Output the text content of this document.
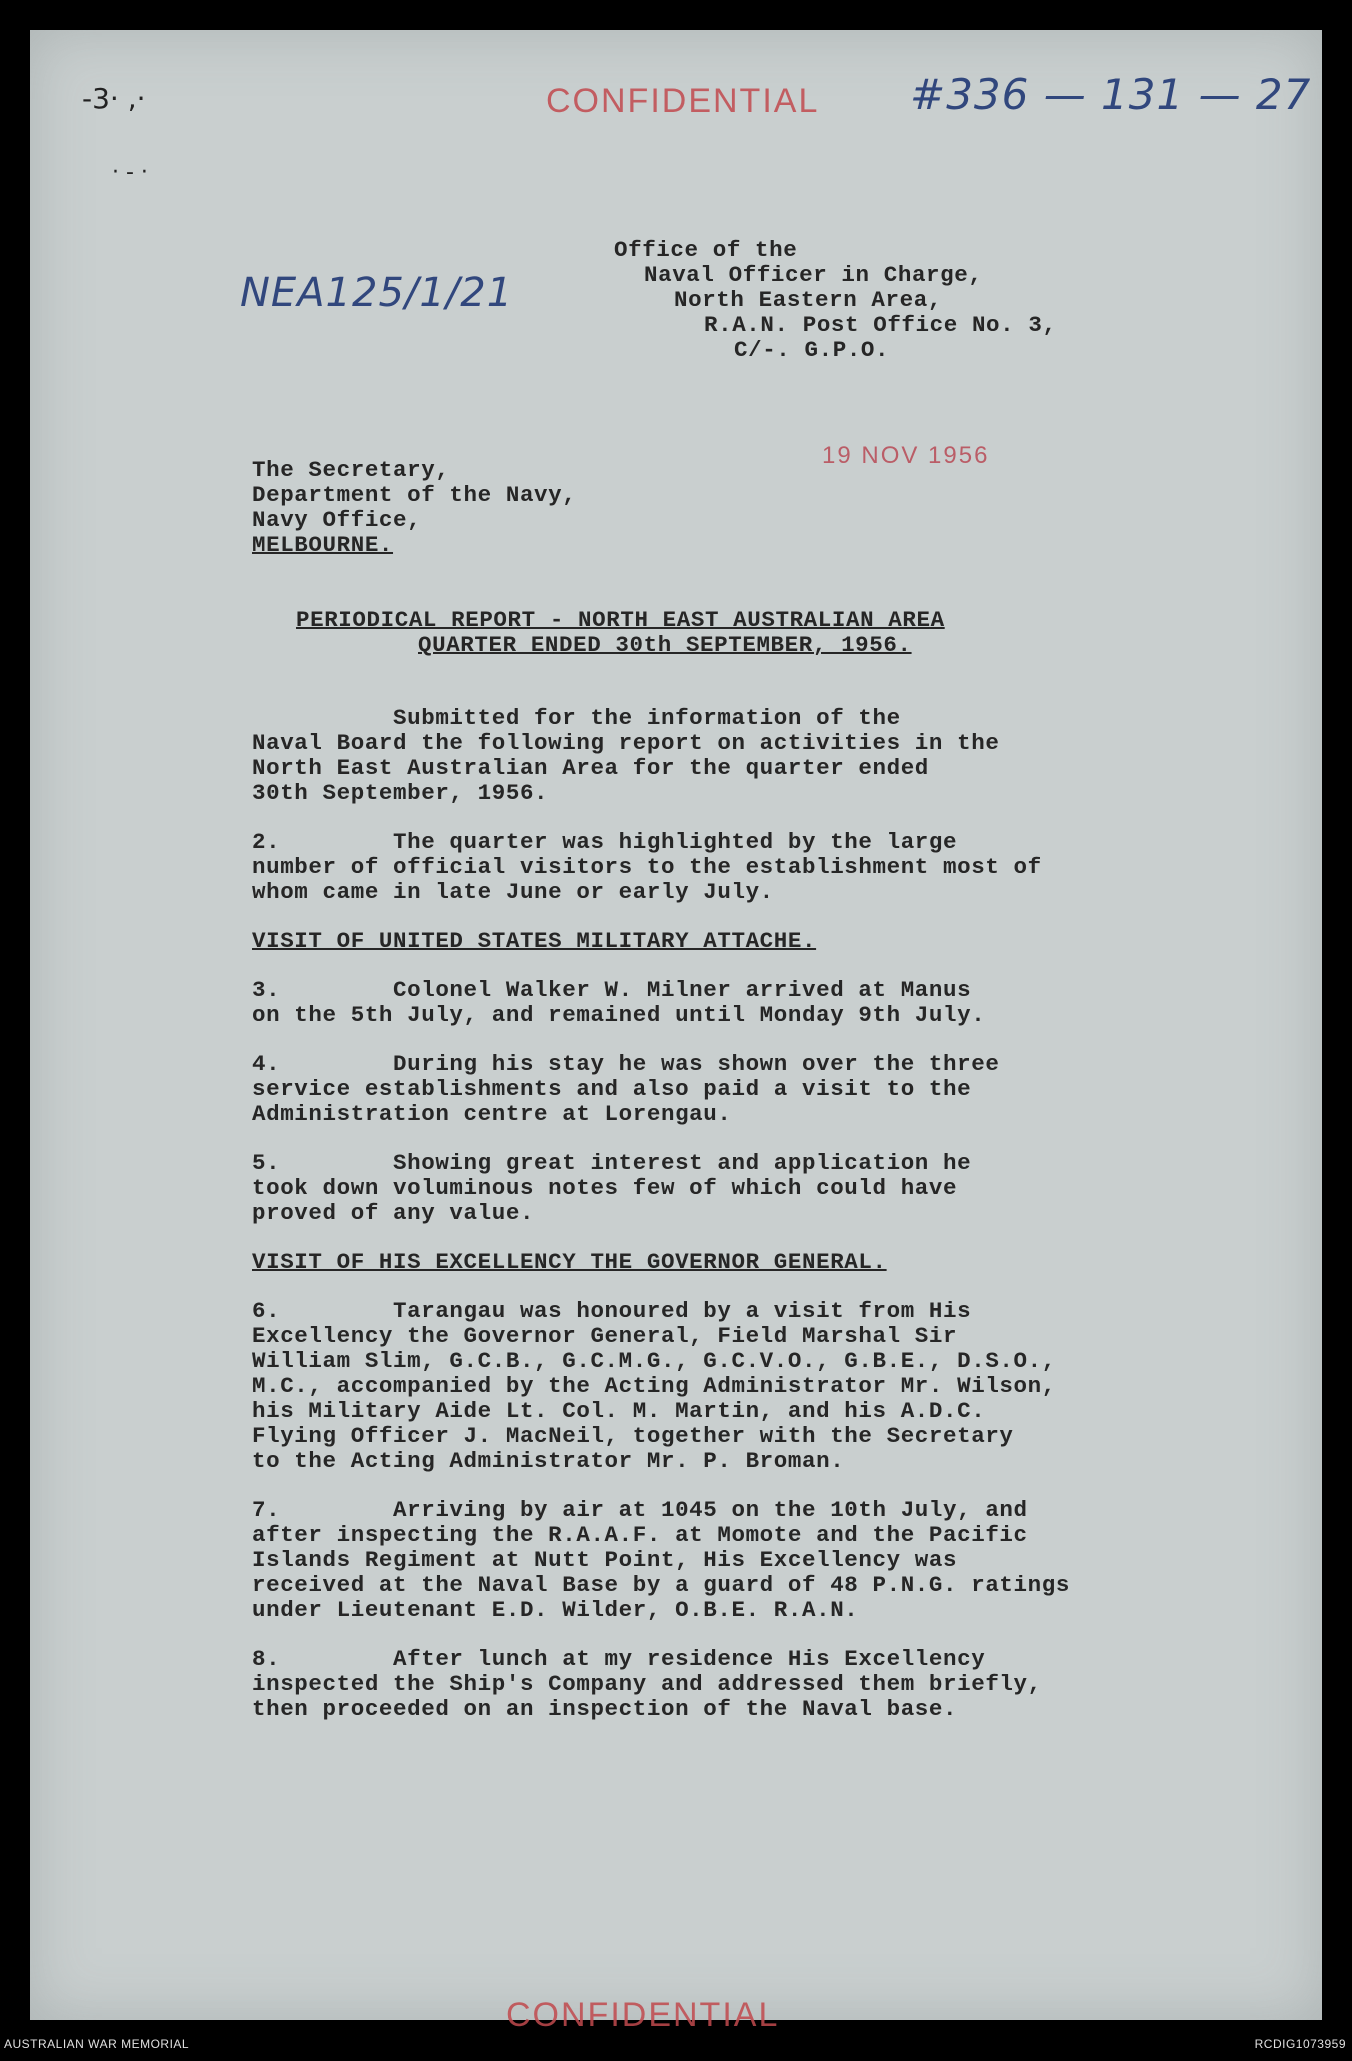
-3· ,·
· - ·
CONFIDENTIAL #336 — 131 — 27
NEA125/1/21
Office of the
Naval Officer in Charge,
North Eastern Area,
R.A.N. Post Office No. 3,
C/-. G.P.O.
19 NOV 1956
The Secretary,
Department of the Navy,
Navy Office,
MELBOURNE.
PERIODICAL REPORT - NORTH EAST AUSTRALIAN AREA
QUARTER ENDED 30th SEPTEMBER, 1956.
Submitted for the information of the
Naval Board the following report on activities in the
North East Australian Area for the quarter ended
30th September, 1956.
2.        The quarter was highlighted by the large
number of official visitors to the establishment most of
whom came in late June or early July.
VISIT OF UNITED STATES MILITARY ATTACHE.
3.        Colonel Walker W. Milner arrived at Manus
on the 5th July, and remained until Monday 9th July.
4.        During his stay he was shown over the three
service establishments and also paid a visit to the
Administration centre at Lorengau.
5.        Showing great interest and application he
took down voluminous notes few of which could have
proved of any value.
VISIT OF HIS EXCELLENCY THE GOVERNOR GENERAL.
6.        Tarangau was honoured by a visit from His
Excellency the Governor General, Field Marshal Sir
William Slim, G.C.B., G.C.M.G., G.C.V.O., G.B.E., D.S.O.,
M.C., accompanied by the Acting Administrator Mr. Wilson,
his Military Aide Lt. Col. M. Martin, and his A.D.C.
Flying Officer J. MacNeil, together with the Secretary
to the Acting Administrator Mr. P. Broman.
7.        Arriving by air at 1045 on the 10th July, and
after inspecting the R.A.A.F. at Momote and the Pacific
Islands Regiment at Nutt Point, His Excellency was
received at the Naval Base by a guard of 48 P.N.G. ratings
under Lieutenant E.D. Wilder, O.B.E. R.A.N.
8.        After lunch at my residence His Excellency
inspected the Ship's Company and addressed them briefly,
then proceeded on an inspection of the Naval base.
CONFIDENTIAL
AUSTRALIAN WAR MEMORIAL	RCDIG1073959
